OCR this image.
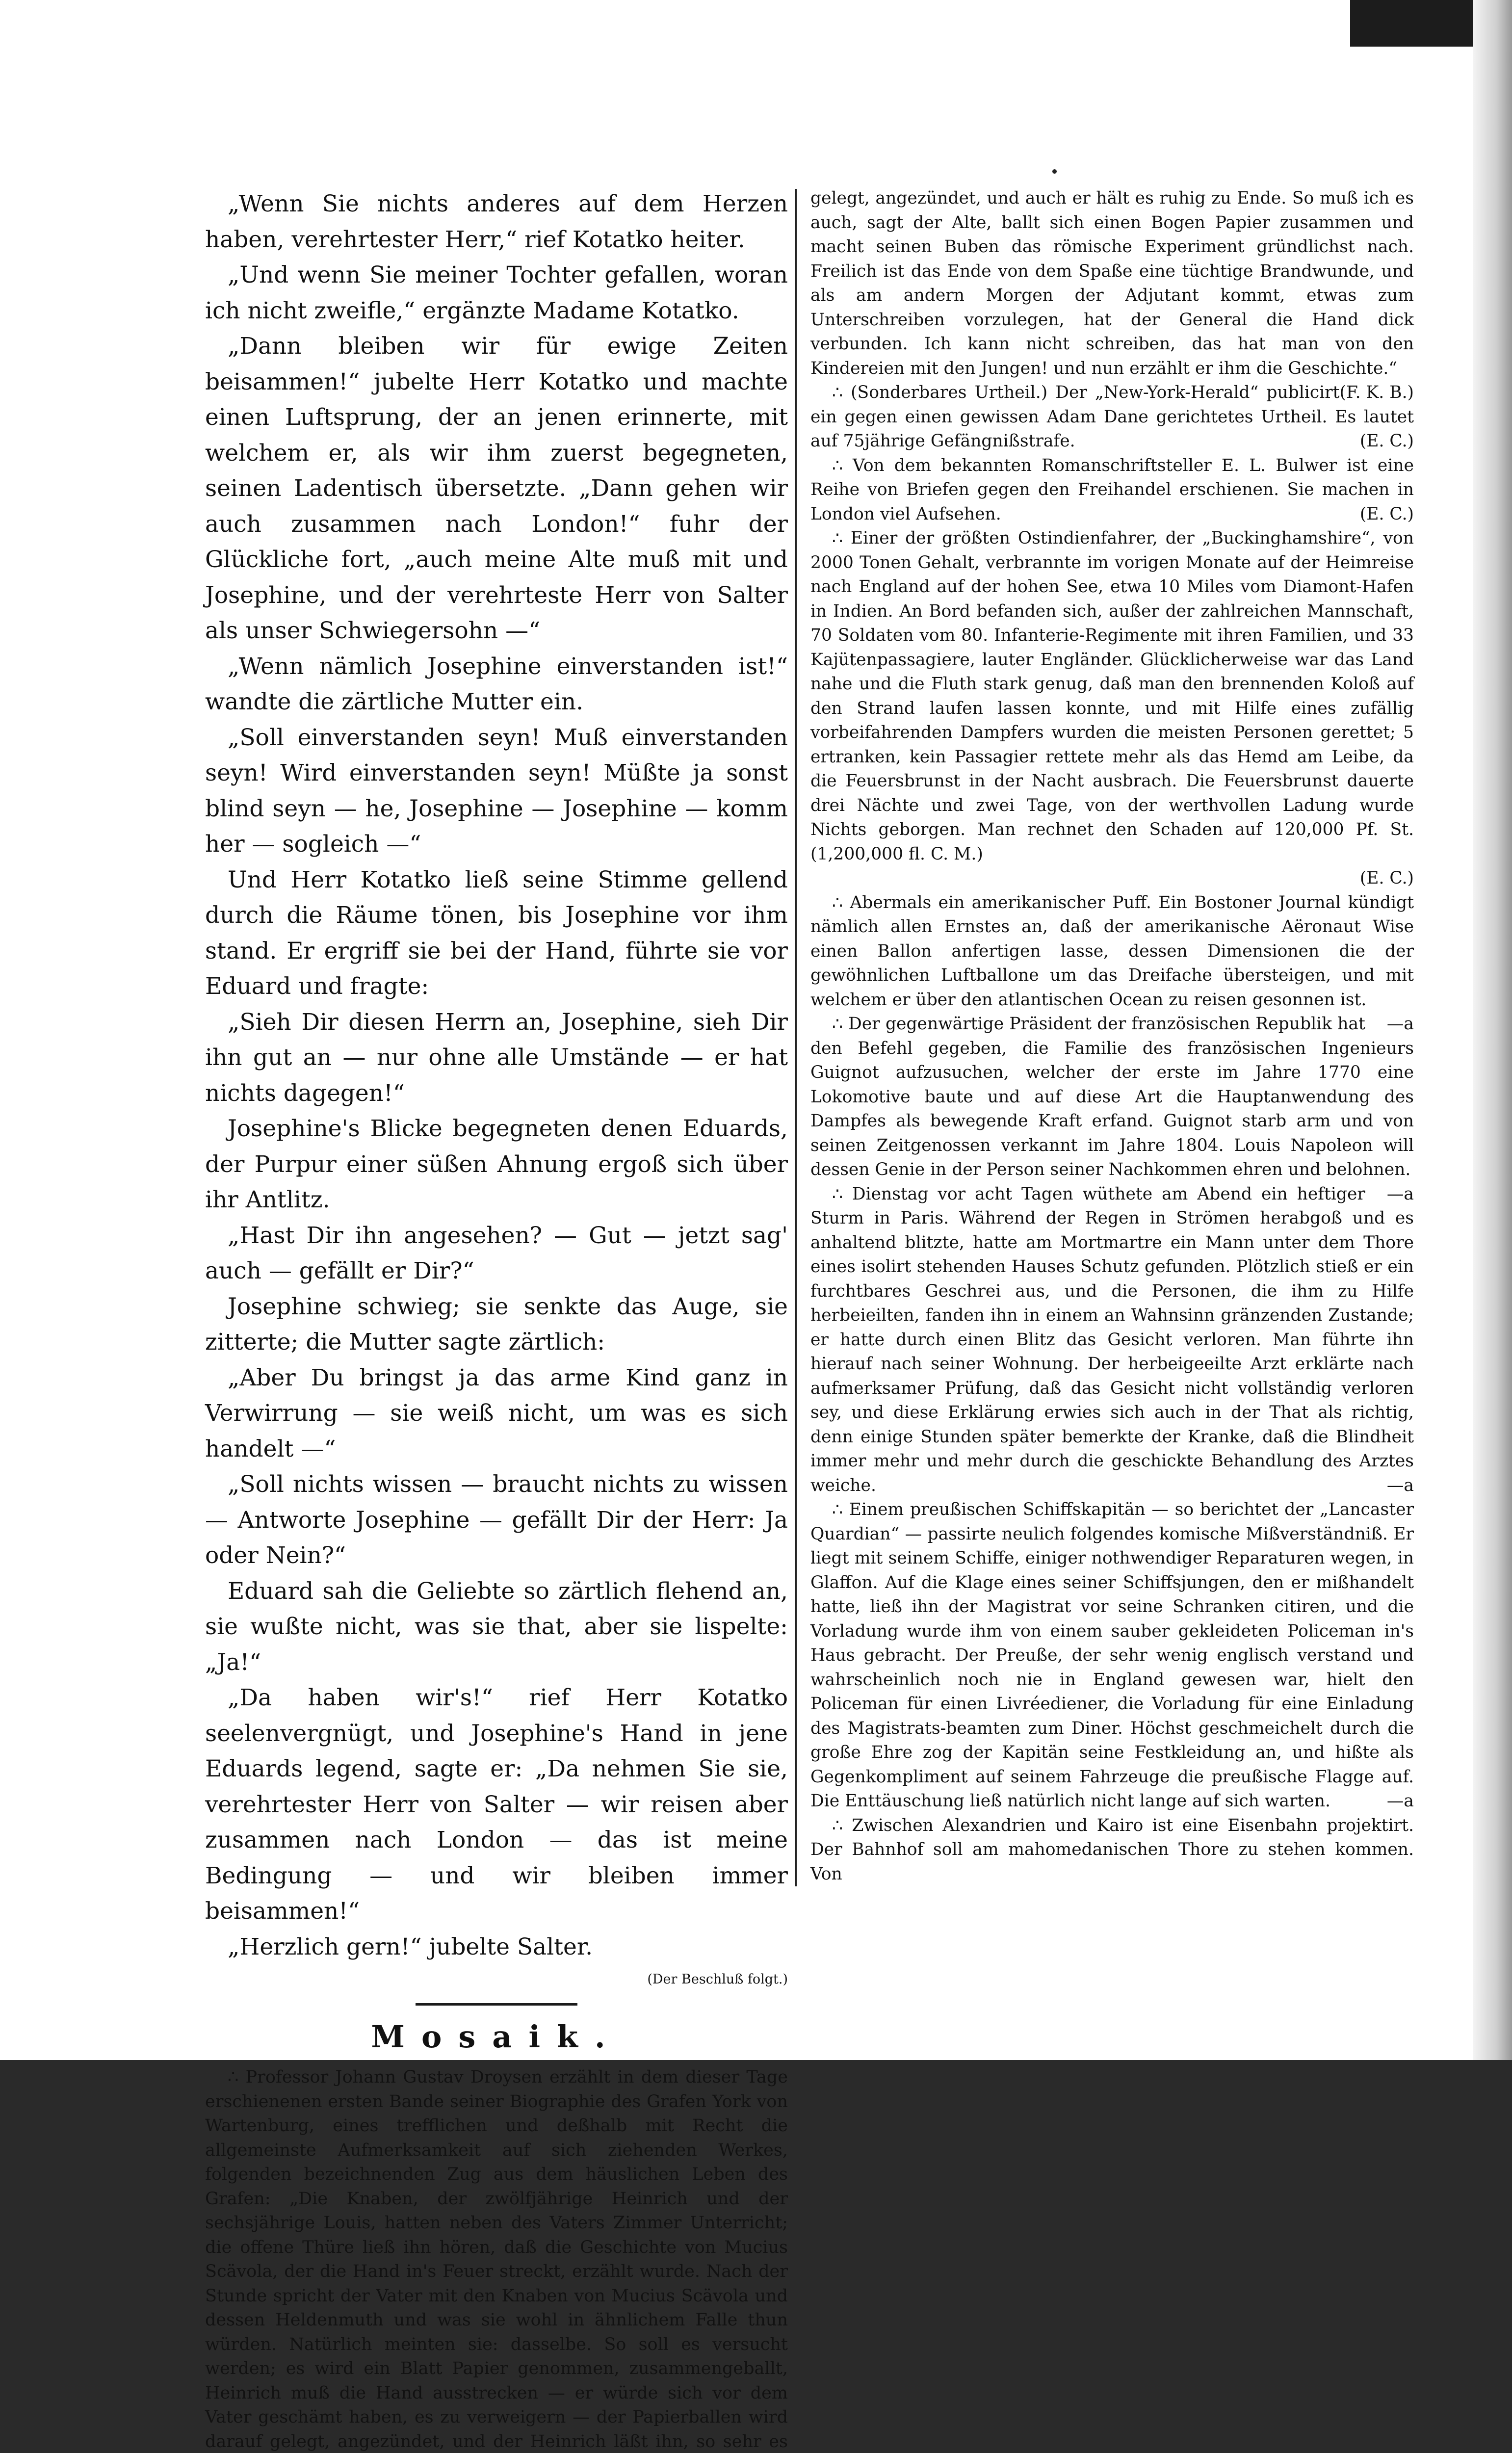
„Wenn Sie nichts anderes auf dem Herzen haben, verehrtester Herr,“ rief Kotatko heiter.

„Und wenn Sie meiner Tochter gefallen, woran ich nicht zweifle,“ ergänzte Madame Kotatko.

„Dann bleiben wir für ewige Zeiten beisammen!“ jubelte Herr Kotatko und machte einen Luftsprung, der an jenen erinnerte, mit welchem er, als wir ihm zuerst begegneten, seinen Ladentisch übersetzte. „Dann gehen wir auch zusammen nach London!“ fuhr der Glückliche fort, „auch meine Alte muß mit und Josephine, und der verehrteste Herr von Salter als unser Schwiegersohn —“

„Wenn nämlich Josephine einverstanden ist!“ wandte die zärtliche Mutter ein.

„Soll einverstanden seyn! Muß einverstanden seyn! Wird einverstanden seyn! Müßte ja sonst blind seyn — he, Josephine — Josephine — komm her — sogleich —“

Und Herr Kotatko ließ seine Stimme gellend durch die Räume tönen, bis Josephine vor ihm stand. Er ergriff sie bei der Hand, führte sie vor Eduard und fragte:

„Sieh Dir diesen Herrn an, Josephine, sieh Dir ihn gut an — nur ohne alle Umstände — er hat nichts dagegen!“

Josephine's Blicke begegneten denen Eduards, der Purpur einer süßen Ahnung ergoß sich über ihr Antlitz.

„Hast Dir ihn angesehen? — Gut — jetzt sag' auch — gefällt er Dir?“

Josephine schwieg; sie senkte das Auge, sie zitterte; die Mutter sagte zärtlich:

„Aber Du bringst ja das arme Kind ganz in Verwirrung — sie weiß nicht, um was es sich handelt —“

„Soll nichts wissen — braucht nichts zu wissen — Antworte Josephine — gefällt Dir der Herr: Ja oder Nein?“

Eduard sah die Geliebte so zärtlich flehend an, sie wußte nicht, was sie that, aber sie lispelte: „Ja!“

„Da haben wir's!“ rief Herr Kotatko seelenvergnügt, und Josephine's Hand in jene Eduards legend, sagte er: „Da nehmen Sie sie, verehrtester Herr von Salter — wir reisen aber zusammen nach London — das ist meine Bedingung — und wir bleiben immer beisammen!“

„Herzlich gern!“ jubelte Salter.

(Der Beschluß folgt.)

Mosaik.

∴ Professor Johann Gustav Droysen erzählt in dem dieser Tage erschienenen ersten Bande seiner Biographie des Grafen York von Wartenburg, eines trefflichen und deßhalb mit Recht die allgemeinste Aufmerksamkeit auf sich ziehenden Werkes, folgenden bezeichnenden Zug aus dem häuslichen Leben des Grafen: „Die Knaben, der zwölfjährige Heinrich und der sechsjährige Louis, hatten neben des Vaters Zimmer Unterricht; die offene Thüre ließ ihn hören, daß die Geschichte von Mucius Scävola, der die Hand in's Feuer streckt, erzählt wurde. Nach der Stunde spricht der Vater mit den Knaben von Mucius Scävola und dessen Heldenmuth und was sie wohl in ähnlichem Falle thun würden. Natürlich meinten sie: dasselbe. So soll es versucht werden; es wird ein Blatt Papier genommen, zusammengeballt, Heinrich muß die Hand ausstrecken — er würde sich vor dem Vater geschämt haben, es zu verweigern — der Papierballen wird darauf gelegt, angezündet, und der Heinrich läßt ihn, so sehr es

gelegt, angezündet, und auch er hält es ruhig zu Ende. So muß ich es auch, sagt der Alte, ballt sich einen Bogen Papier zusammen und macht seinen Buben das römische Experiment gründlichst nach. Freilich ist das Ende von dem Spaße eine tüchtige Brandwunde, und als am andern Morgen der Adjutant kommt, etwas zum Unterschreiben vorzulegen, hat der General die Hand dick verbunden. Ich kann nicht schreiben, das hat man von den Kindereien mit den Jungen! und nun erzählt er ihm die Geschichte.“
(F. K. B.)

∴ (Sonderbares Urtheil.) Der „New-York-Herald“ publicirt ein gegen einen gewissen Adam Dane gerichtetes Urtheil. Es lautet auf 75jährige Gefängnißstrafe.	(E. C.)

∴ Von dem bekannten Romanschriftsteller E. L. Bulwer ist eine Reihe von Briefen gegen den Freihandel erschienen. Sie machen in London viel Aufsehen.	(E. C.)

∴ Einer der größten Ostindienfahrer, der „Buckinghamshire“, von 2000 Tonen Gehalt, verbrannte im vorigen Monate auf der Heimreise nach England auf der hohen See, etwa 10 Miles vom Diamont-Hafen in Indien. An Bord befanden sich, außer der zahlreichen Mannschaft, 70 Soldaten vom 80. Infanterie-Regimente mit ihren Familien, und 33 Kajütenpassagiere, lauter Engländer. Glücklicherweise war das Land nahe und die Fluth stark genug, daß man den brennenden Koloß auf den Strand laufen lassen konnte, und mit Hilfe eines zufällig vorbeifahrenden Dampfers wurden die meisten Personen gerettet; 5 ertranken, kein Passagier rettete mehr als das Hemd am Leibe, da die Feuersbrunst in der Nacht ausbrach. Die Feuersbrunst dauerte drei Nächte und zwei Tage, von der werthvollen Ladung wurde Nichts geborgen. Man rechnet den Schaden auf 120,000 Pf. St. (1,200,000 fl. C. M.)
(E. C.)

∴ Abermals ein amerikanischer Puff. Ein Bostoner Journal kündigt nämlich allen Ernstes an, daß der amerikanische Aëronaut Wise einen Ballon anfertigen lasse, dessen Dimensionen die der gewöhnlichen Luftballone um das Dreifache übersteigen, und mit welchem er über den atlantischen Ocean zu reisen gesonnen ist.
—a

∴ Der gegenwärtige Präsident der französischen Republik hat den Befehl gegeben, die Familie des französischen Ingenieurs Guignot aufzusuchen, welcher der erste im Jahre 1770 eine Lokomotive baute und auf diese Art die Hauptanwendung des Dampfes als bewegende Kraft erfand. Guignot starb arm und von seinen Zeitgenossen verkannt im Jahre 1804. Louis Napoleon will dessen Genie in der Person seiner Nachkommen ehren und belohnen.
—a

∴ Dienstag vor acht Tagen wüthete am Abend ein heftiger Sturm in Paris. Während der Regen in Strömen herabgoß und es anhaltend blitzte, hatte am Mortmartre ein Mann unter dem Thore eines isolirt stehenden Hauses Schutz gefunden. Plötzlich stieß er ein furchtbares Geschrei aus, und die Personen, die ihm zu Hilfe herbeieilten, fanden ihn in einem an Wahnsinn gränzenden Zustande; er hatte durch einen Blitz das Gesicht verloren. Man führte ihn hierauf nach seiner Wohnung. Der herbeigeeilte Arzt erklärte nach aufmerksamer Prüfung, daß das Gesicht nicht vollständig verloren sey, und diese Erklärung erwies sich auch in der That als richtig, denn einige Stunden später bemerkte der Kranke, daß die Blindheit immer mehr und mehr durch die geschickte Behandlung des Arztes weiche.	—a

∴ Einem preußischen Schiffskapitän — so berichtet der „Lancaster Quardian“ — passirte neulich folgendes komische Mißverständniß. Er liegt mit seinem Schiffe, einiger nothwendiger Reparaturen wegen, in Glaffon. Auf die Klage eines seiner Schiffsjungen, den er mißhandelt hatte, ließ ihn der Magistrat vor seine Schranken citiren, und die Vorladung wurde ihm von einem sauber gekleideten Policeman in's Haus gebracht. Der Preuße, der sehr wenig englisch verstand und wahrscheinlich noch nie in England gewesen war, hielt den Policeman für einen Livréediener, die Vorladung für eine Einladung des Magistrats-beamten zum Diner. Höchst geschmeichelt durch die große Ehre zog der Kapitän seine Festkleidung an, und hißte als Gegenkompliment auf seinem Fahrzeuge die preußische Flagge auf. Die Enttäuschung ließ natürlich nicht lange auf sich warten.	—a

∴ Zwischen Alexandrien und Kairo ist eine Eisenbahn projektirt. Der Bahnhof soll am mahomedanischen Thore zu stehen kommen. Von
